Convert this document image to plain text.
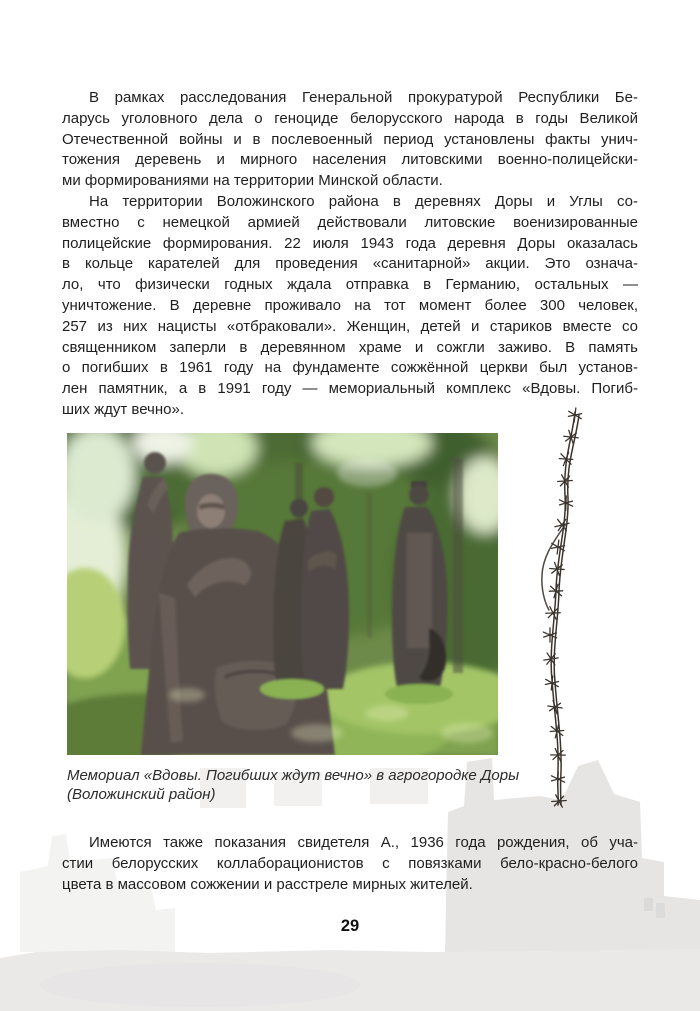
В рамках расследования Генеральной прокуратурой Республики Бе-
ларусь уголовного дела о геноциде белорусского народа в годы Великой
Отечественной войны и в послевоенный период установлены факты унич-
тожения деревень и мирного населения литовскими военно-полицейски-
ми формированиями на территории Минской области.
На территории Воложинского района в деревнях Доры и Углы со-
вместно с немецкой армией действовали литовские военизированные
полицейские формирования. 22 июля 1943 года деревня Доры оказалась
в кольце карателей для проведения «санитарной» акции. Это означа-
ло, что физически годных ждала отправка в Германию, остальных —
уничтожение. В деревне проживало на тот момент более 300 человек,
257 из них нацисты «отбраковали». Женщин, детей и стариков вместе со
священником заперли в деревянном храме и сожгли заживо. В память
о погибших в 1961 году на фундаменте сожжённой церкви был установ-
лен памятник, а в 1991 году — мемориальный комплекс «Вдовы. Погиб-
ших ждут вечно».
Мемориал «Вдовы. Погибших ждут вечно» в агрогородке Доры
(Воложинский район)
Имеются также показания свидетеля А., 1936 года рождения, об уча-
стии белорусских коллаборационистов с повязками бело-красно-белого
цвета в массовом сожжении и расстреле мирных жителей.
29
